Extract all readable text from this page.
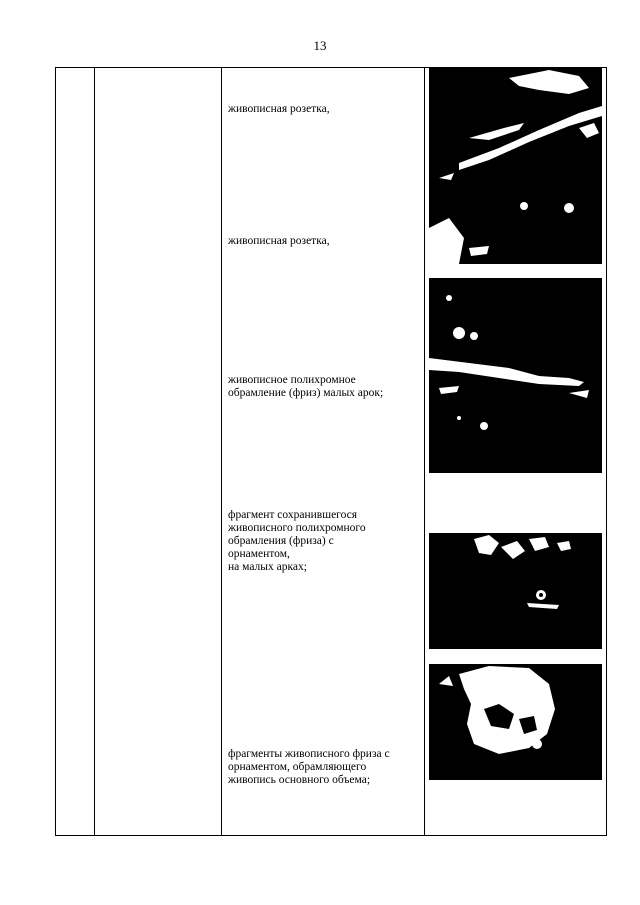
13
живописная розетка,
живописная розетка,
живописное полихромное
обрамление (фриз) малых арок;
фрагмент сохранившегося
живописного полихромного
обрамления (фриза) с
орнаментом,
на малых арках;
фрагменты живописного фриза с
орнаментом, обрамляющего
живопись основного объема;
